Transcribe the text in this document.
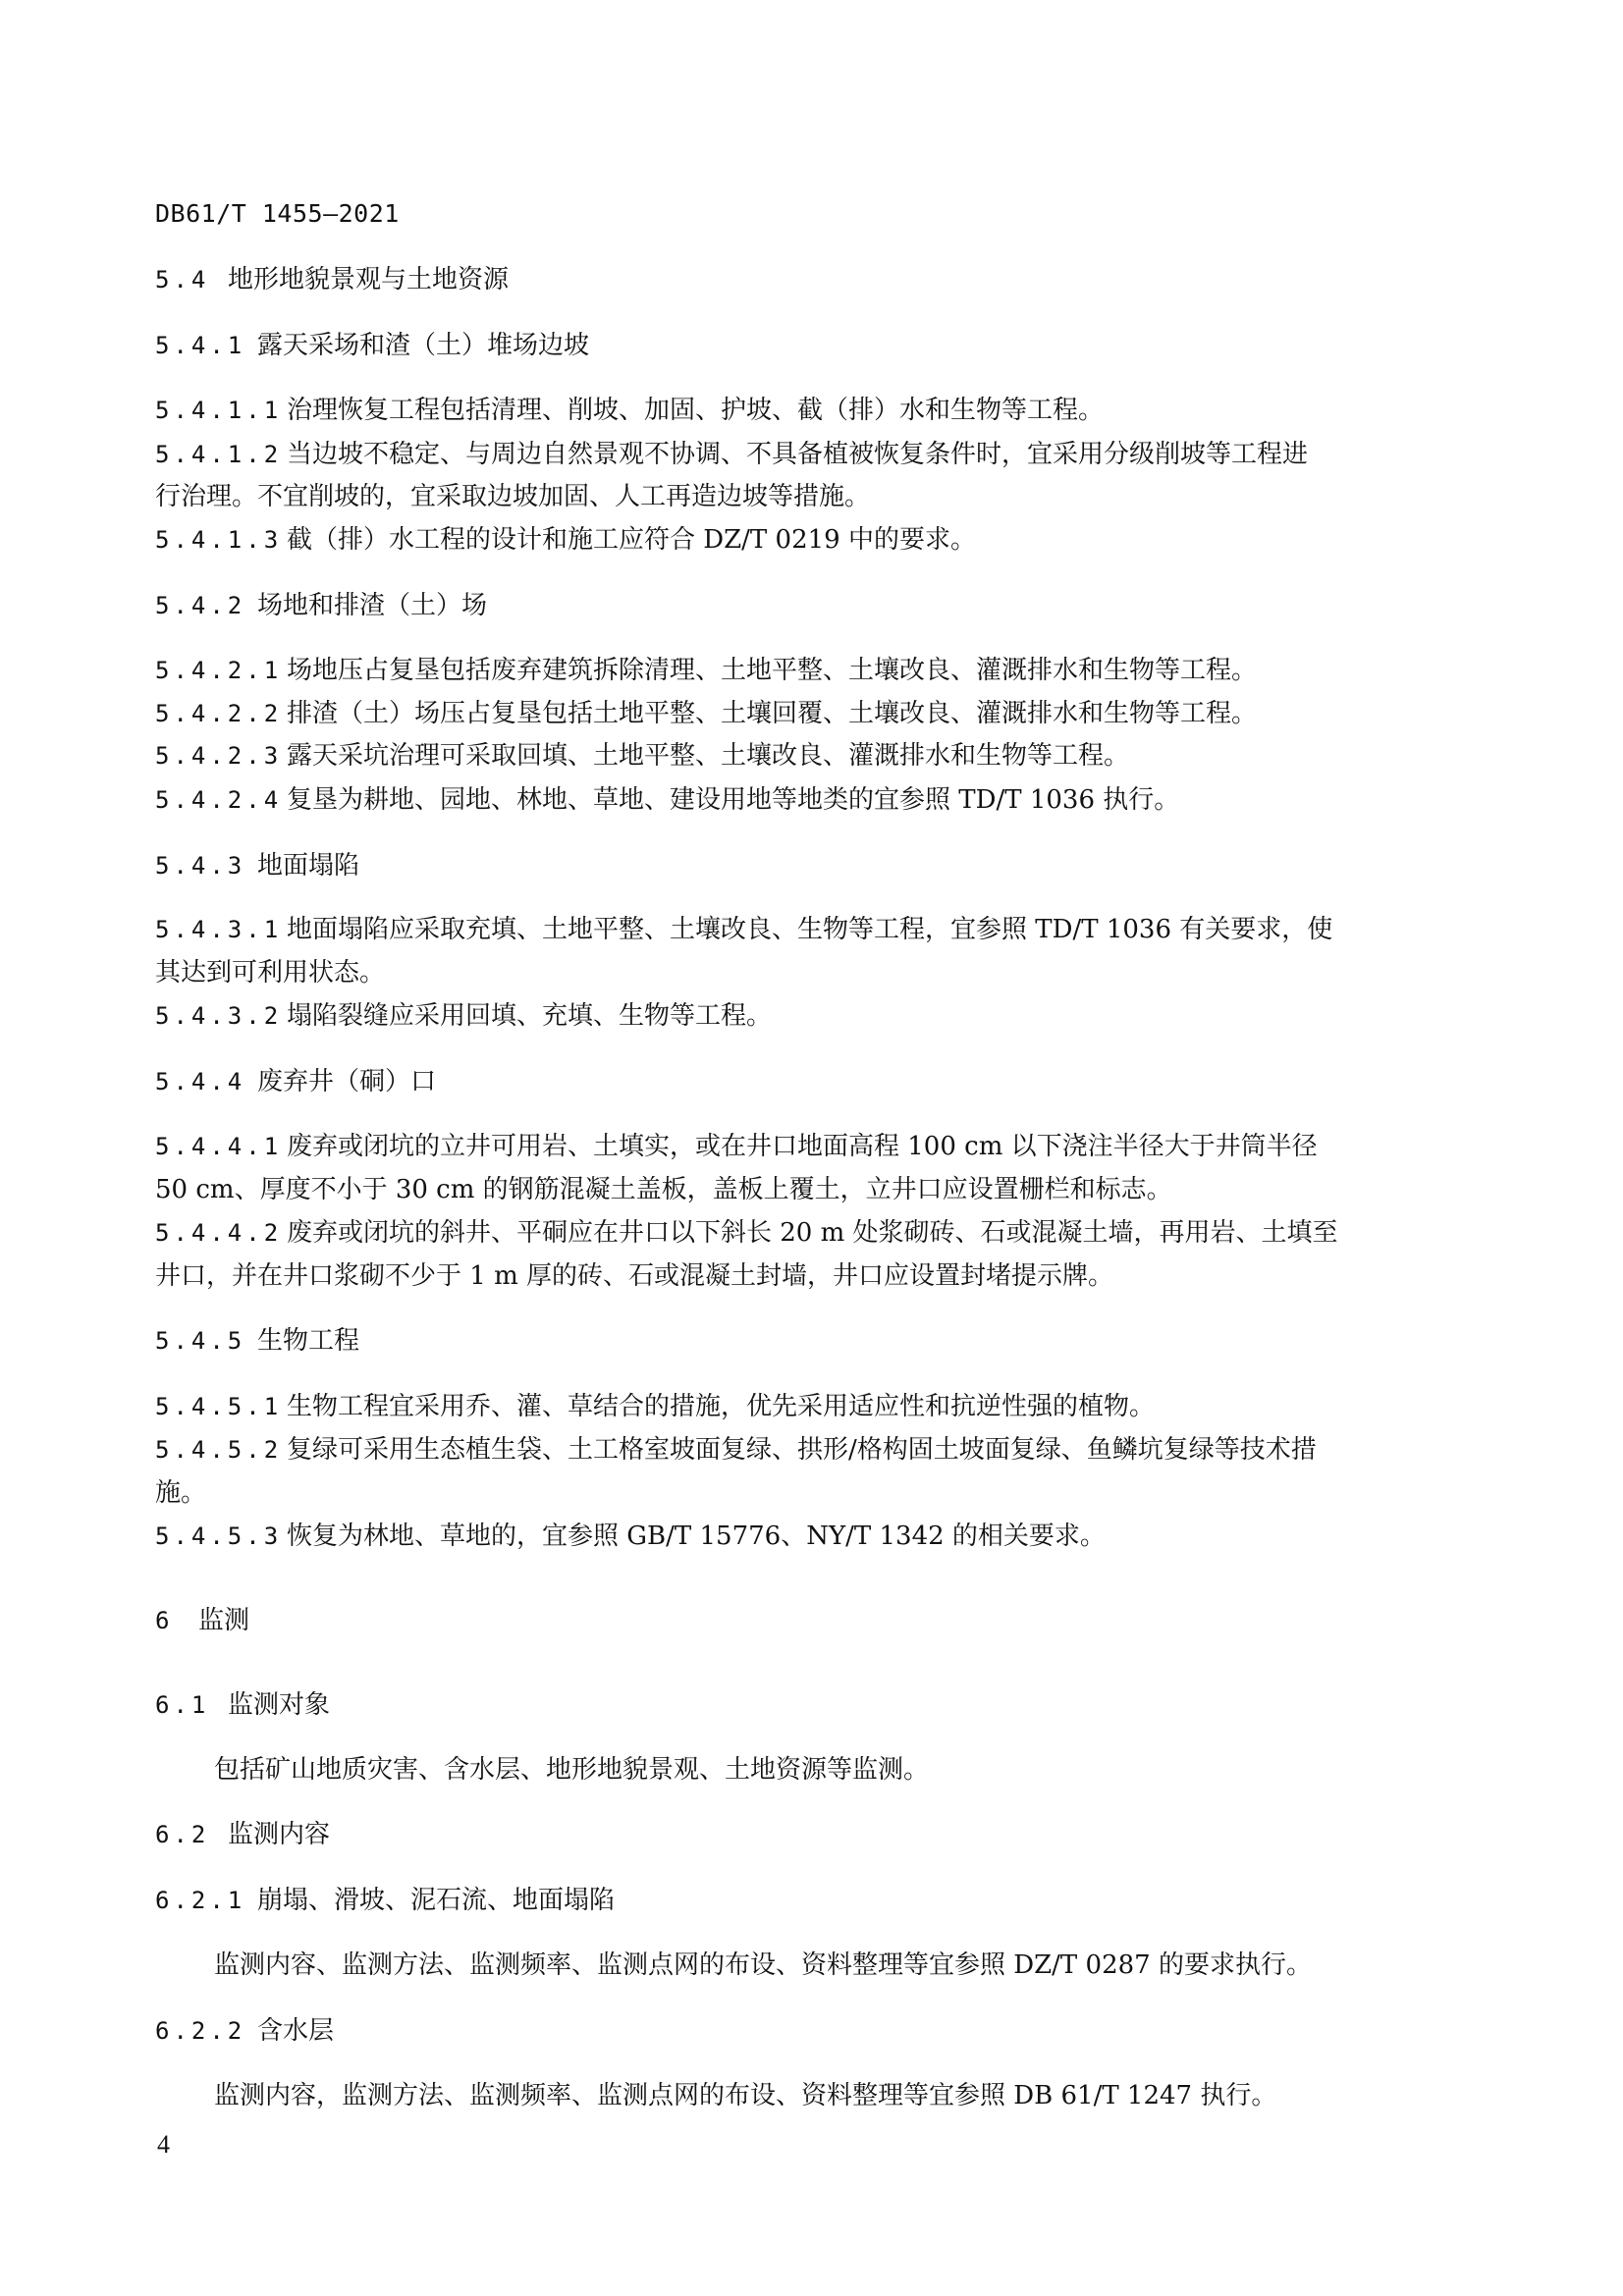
DB61/T 1455—2021
5.4 地形地貌景观与土地资源
5.4.1 露天采场和渣（土）堆场边坡
5.4.1.1 治理恢复工程包括清理、削坡、加固、护坡、截（排）水和生物等工程。
5.4.1.2 当边坡不稳定、与周边自然景观不协调、不具备植被恢复条件时，宜采用分级削坡等工程进
行治理。不宜削坡的，宜采取边坡加固、人工再造边坡等措施。
5.4.1.3 截（排）水工程的设计和施工应符合 DZ/T 0219 中的要求。
5.4.2 场地和排渣（土）场
5.4.2.1 场地压占复垦包括废弃建筑拆除清理、土地平整、土壤改良、灌溉排水和生物等工程。
5.4.2.2 排渣（土）场压占复垦包括土地平整、土壤回覆、土壤改良、灌溉排水和生物等工程。
5.4.2.3 露天采坑治理可采取回填、土地平整、土壤改良、灌溉排水和生物等工程。
5.4.2.4 复垦为耕地、园地、林地、草地、建设用地等地类的宜参照 TD/T 1036 执行。
5.4.3 地面塌陷
5.4.3.1 地面塌陷应采取充填、土地平整、土壤改良、生物等工程，宜参照 TD/T 1036 有关要求，使
其达到可利用状态。
5.4.3.2 塌陷裂缝应采用回填、充填、生物等工程。
5.4.4 废弃井（硐）口
5.4.4.1 废弃或闭坑的立井可用岩、土填实，或在井口地面高程 100 cm 以下浇注半径大于井筒半径
50 cm、厚度不小于 30 cm 的钢筋混凝土盖板，盖板上覆土，立井口应设置栅栏和标志。
5.4.4.2 废弃或闭坑的斜井、平硐应在井口以下斜长 20 m 处浆砌砖、石或混凝土墙，再用岩、土填至
井口，并在井口浆砌不少于 1 m 厚的砖、石或混凝土封墙，井口应设置封堵提示牌。
5.4.5 生物工程
5.4.5.1 生物工程宜采用乔、灌、草结合的措施，优先采用适应性和抗逆性强的植物。
5.4.5.2 复绿可采用生态植生袋、土工格室坡面复绿、拱形/格构固土坡面复绿、鱼鳞坑复绿等技术措
施。
5.4.5.3 恢复为林地、草地的，宜参照 GB/T 15776、NY/T 1342 的相关要求。
6 监测
6.1 监测对象
包括矿山地质灾害、含水层、地形地貌景观、土地资源等监测。
6.2 监测内容
6.2.1 崩塌、滑坡、泥石流、地面塌陷
监测内容、监测方法、监测频率、监测点网的布设、资料整理等宜参照 DZ/T 0287 的要求执行。
6.2.2 含水层
监测内容，监测方法、监测频率、监测点网的布设、资料整理等宜参照 DB 61/T 1247 执行。
4
